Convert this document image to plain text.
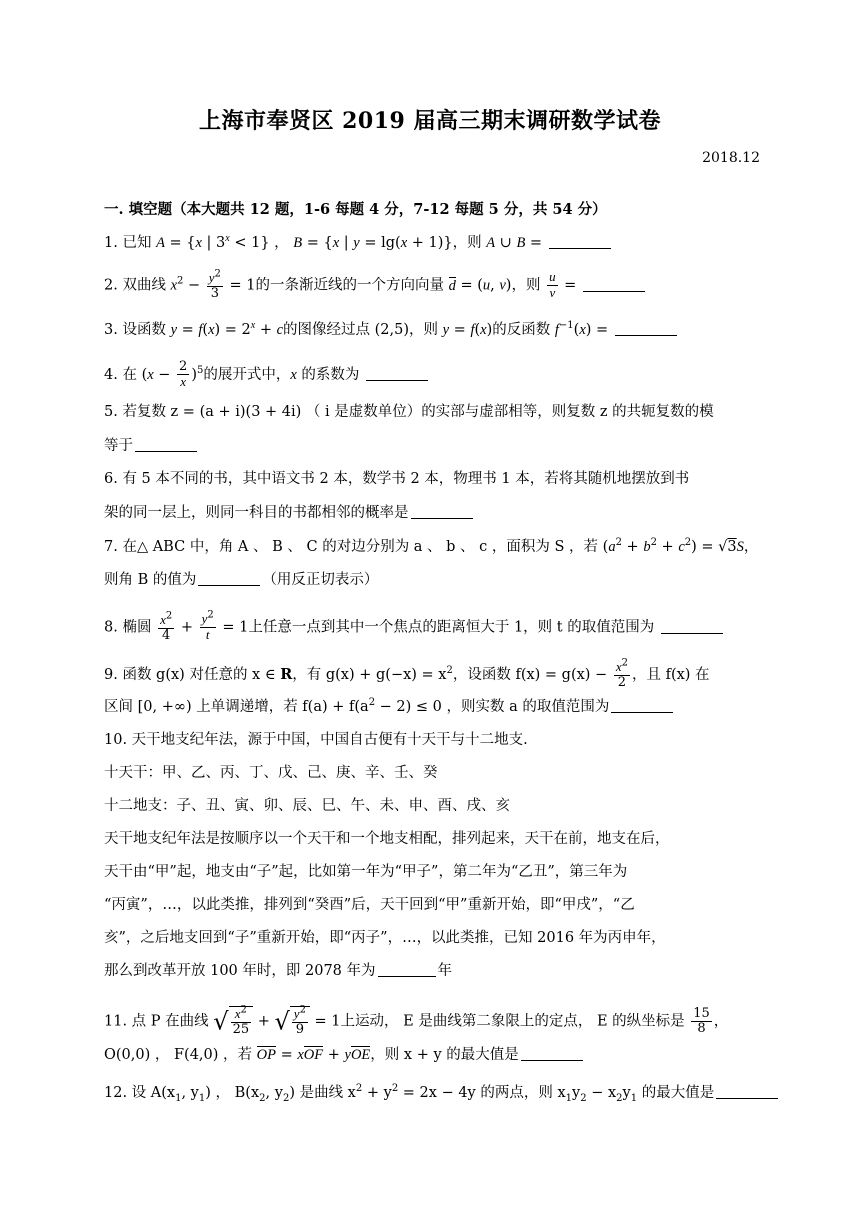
上海市奉贤区 2019 届高三期末调研数学试卷
2018.12
一. 填空题（本大题共 12 题，1-6 每题 4 分，7-12 每题 5 分，共 54 分）
1. 已知 A = {x | $3^x < 1$} ， B = {x | y = lg(x + 1)}，则 A ∪ B =
2. 双曲线 $x^2 - \frac{y^2}{3} = 1$的一条渐近线的一个方向向量 d = (u, v)，则 $\frac{u}{v}$ =
3. 设函数 $y = f(x) = 2^x + c$的图像经过点 (2,5)，则 y = f(x)的反函数 $f^{-1}(x)$ =
4. 在 $(x - \frac{2}{x} )^5$的展开式中，x 的系数为
5. 若复数 z = (a + i)(3 + 4i) （ i 是虚数单位）的实部与虚部相等，则复数 z 的共轭复数的模
等于
6. 有 5 本不同的书，其中语文书 2 本，数学书 2 本，物理书 1 本，若将其随机地摆放到书
架的同一层上，则同一科目的书都相邻的概率是
7. 在△ ABC 中，角 A 、 B 、 C 的对边分别为 a 、 b 、 c ，面积为 S ，若 $(a^2 + b^2 + c^2) = √3S$，
则角 B 的值为	（用反正切表示）
8. 椭圆 $\frac{x^2}{4} + \frac{y^2}{t} = 1$上任意一点到其中一个焦点的距离恒大于 1，则 t 的取值范围为
9. 函数 g(x) 对任意的 x ∈ R，有 $g(x) + g(-x) = x^2$，设函数 $f(x) = g(x) - \frac{x^2}{2}$ ，且 f(x) 在
区间 [0, +∞) 上单调递增，若 $f(a) + f(a^2 - 2) \le 0$ ，则实数 a 的取值范围为
10. 天干地支纪年法，源于中国，中国自古便有十天干与十二地支.
十天干：甲、乙、丙、丁、戊、己、庚、辛、壬、癸
十二地支：子、丑、寅、卯、辰、巳、午、未、申、酉、戌、亥
天干地支纪年法是按顺序以一个天干和一个地支相配，排列起来，天干在前，地支在后，
天干由“甲”起，地支由“子”起，比如第一年为“甲子”，第二年为“乙丑”，第三年为
“丙寅”，…，以此类推，排列到“癸酉”后，天干回到“甲”重新开始，即“甲戌”，“乙
亥”，之后地支回到“子”重新开始，即“丙子”，…，以此类推，已知 2016 年为丙申年，
那么到改革开放 100 年时，即 2078 年为	年
11. 点 P 在曲线 √ $\frac{x^2}{25}$ + √ $\frac{y^2}{9} = 1$上运动， E 是曲线第二象限上的定点， E 的纵坐标是 $\frac{15}{8}$ ，
O(0,0) ， F(4,0) ，若 OP = xOF + yOE，则 x + y 的最大值是
12. 设 $A(x_1$, $y_1$) ， $B(x_2$, $y_2$) 是曲线 $x^2 + y^2 = 2x - 4y$ 的两点，则 $x_1y_2 - x_2y_1$ 的最大值是
